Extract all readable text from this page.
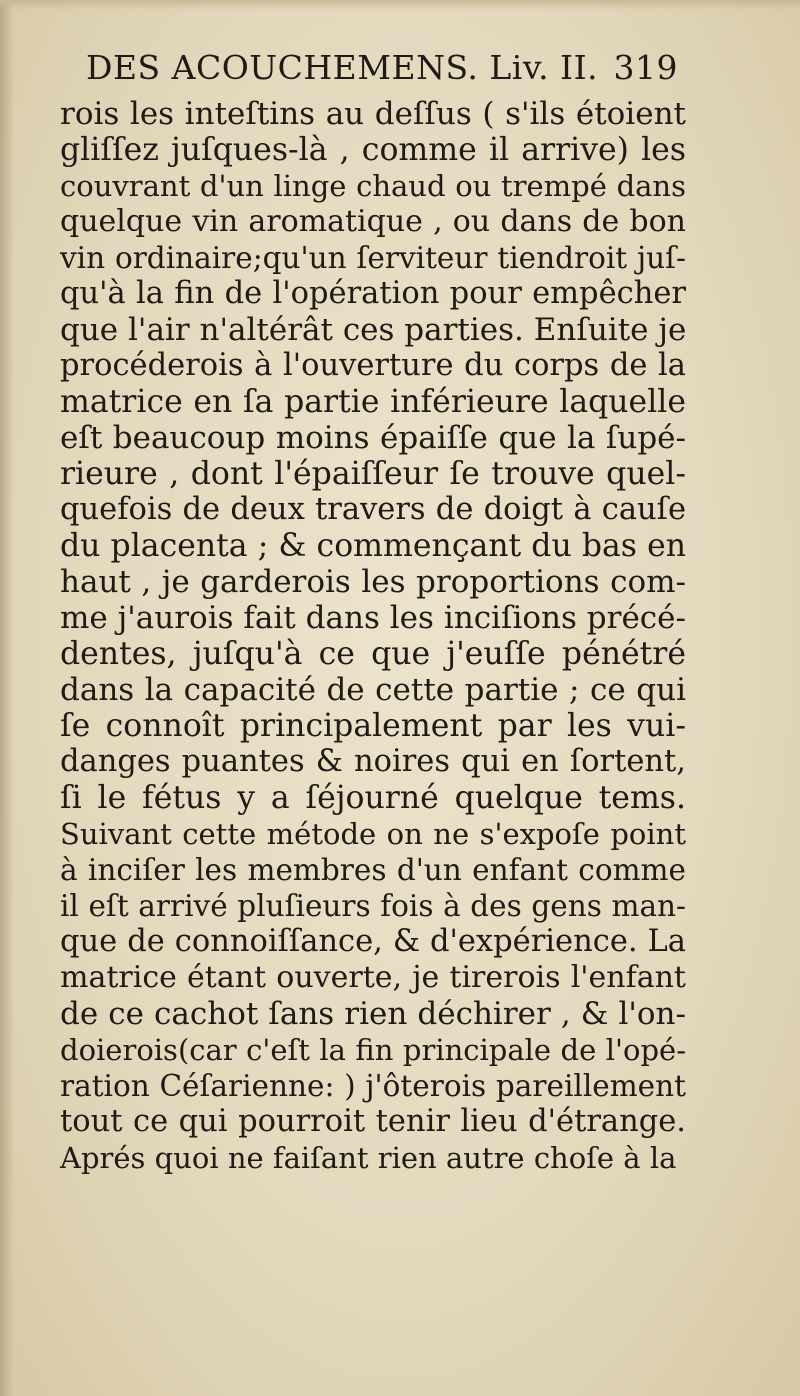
DES ACOUCHEMENS. Liv. II. 319
rois les inteſtins au deſſus ( s'ils étoient
gliſſez juſques-là , comme il arrive) les
couvrant d'un linge chaud ou trempé dans
quelque vin aromatique , ou dans de bon
vin ordinaire;qu'un ſerviteur tiendroit juſ-
qu'à la fin de l'opération pour empêcher
que l'air n'altérât ces parties. Enſuite je
procéderois à l'ouverture du corps de la
matrice en ſa partie inférieure laquelle
eſt beaucoup moins épaiſſe que la ſupé-
rieure , dont l'épaiſſeur ſe trouve quel-
quefois de deux travers de doigt à cauſe
du placenta ; & commençant du bas en
haut , je garderois les proportions com-
me j'aurois fait dans les inciſions précé-
dentes, juſqu'à ce que j'euſſe pénétré
dans la capacité de cette partie ; ce qui
ſe connoît principalement par les vui-
danges puantes & noires qui en ſortent,
ſi le fétus y a ſéjourné quelque tems.
Suivant cette métode on ne s'expoſe point
à inciſer les membres d'un enfant comme
il eſt arrivé pluſieurs fois à des gens man-
que de connoiſſance, & d'expérience. La
matrice étant ouverte, je tirerois l'enfant
de ce cachot ſans rien déchirer , & l'on-
doierois(car c'eſt la fin principale de l'opé-
ration Céſarienne: ) j'ôterois pareillement
tout ce qui pourroit tenir lieu d'étrange.
Aprés quoi ne faiſant rien autre choſe à la
